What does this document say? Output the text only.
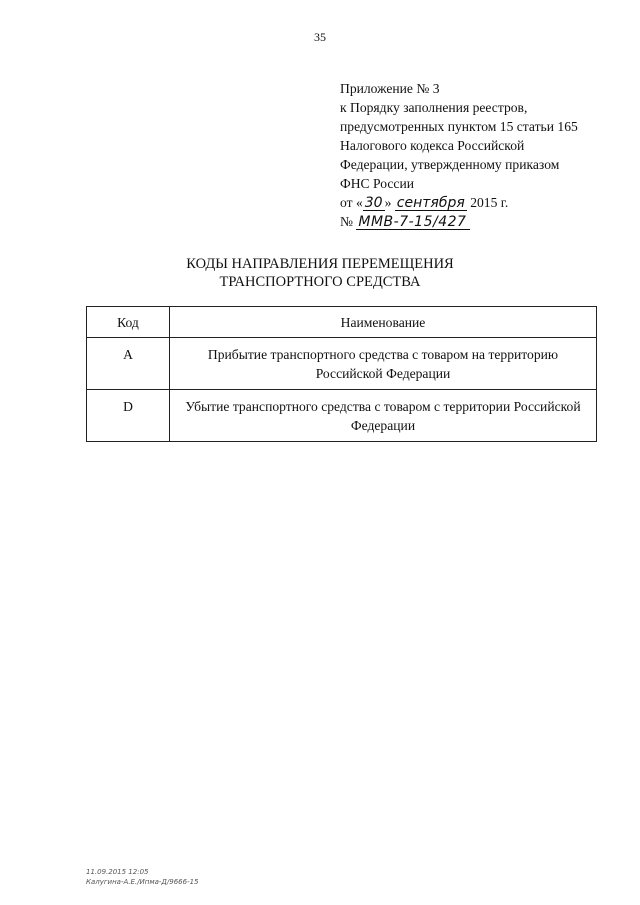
35
Приложение № 3
к Порядку заполнения реестров,
предусмотренных пунктом 15 статьи 165
Налогового кодекса Российской
Федерации, утвержденному приказом
ФНС России
от « 30 » сентября 2015 г.
№ ММВ-7-15/427
КОДЫ НАПРАВЛЕНИЯ ПЕРЕМЕЩЕНИЯ
ТРАНСПОРТНОГО СРЕДСТВА
Код	Наименование
A	Прибытие транспортного средства с товаром на территорию Российской Федерации
D	Убытие транспортного средства с товаром с территории Российской Федерации
11.09.2015 12:05
Калугина-А.Е./Ипма-Д/9666-15
